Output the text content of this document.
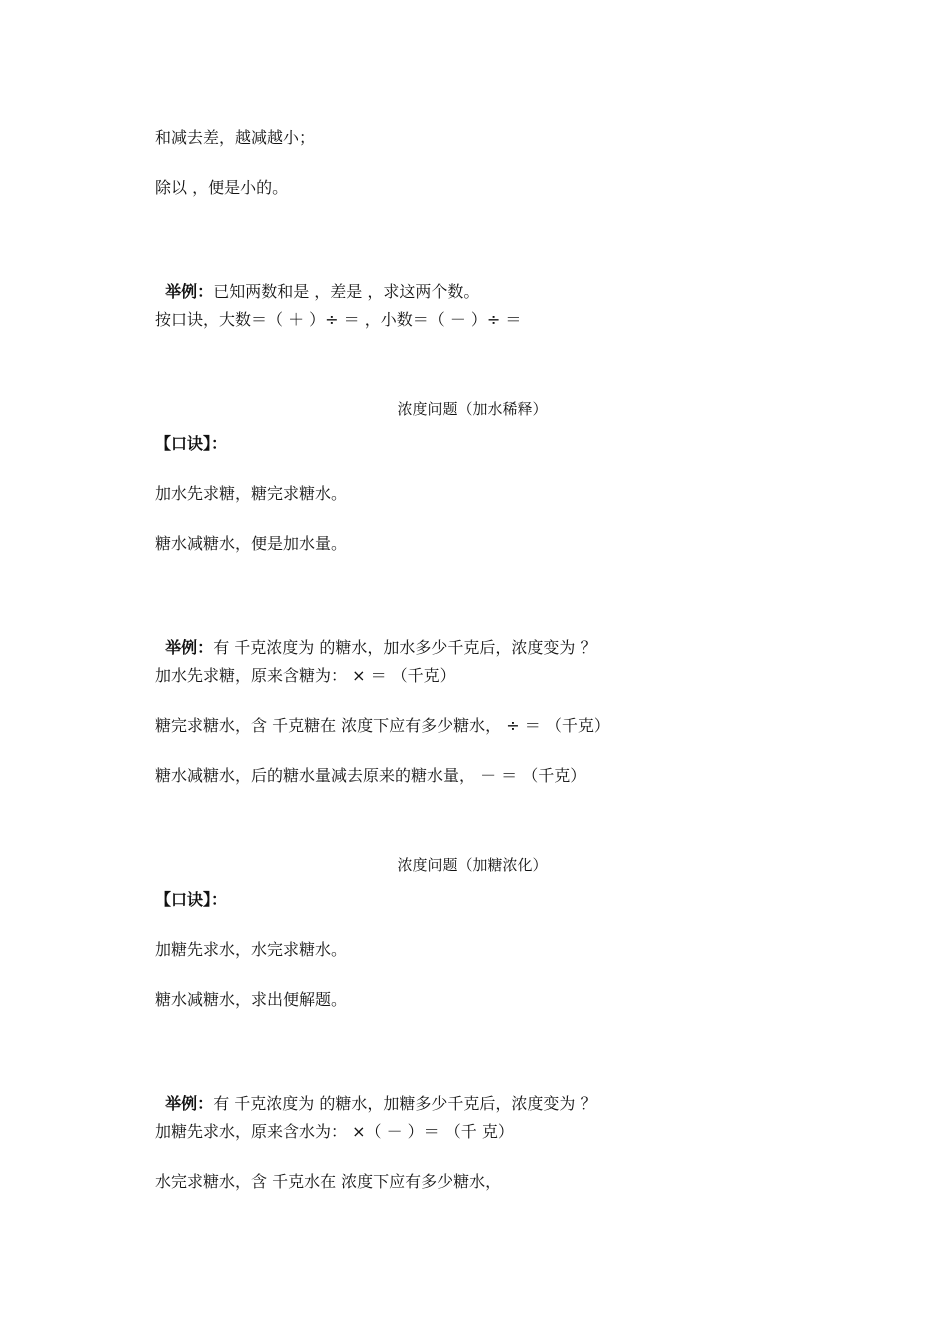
和减去差，越减越小；
除以 ，便是小的。

举例：已知两数和是 ，差是 ，求这两个数。

按口诀，大数＝（ ＋ ）÷ ＝ ，小数＝（ － ）÷ ＝
浓度问题（加水稀释）
【口诀】：
加水先求糖，糖完求糖水。
糖水减糖水，便是加水量。

举例：有 千克浓度为 的糖水，加水多少千克后，浓度变为 ？

加水先求糖，原来含糖为： × ＝ （千克）
糖完求糖水，含 千克糖在 浓度下应有多少糖水， ÷ ＝ （千克）
糖水减糖水，后的糖水量减去原来的糖水量， － ＝ （千克）
浓度问题（加糖浓化）
【口诀】：
加糖先求水，水完求糖水。
糖水减糖水，求出便解题。

举例：有 千克浓度为 的糖水，加糖多少千克后，浓度变为 ？

加糖先求水，原来含水为： ×（ － ）＝ （千 克）
水完求糖水，含 千克水在 浓度下应有多少糖水，
